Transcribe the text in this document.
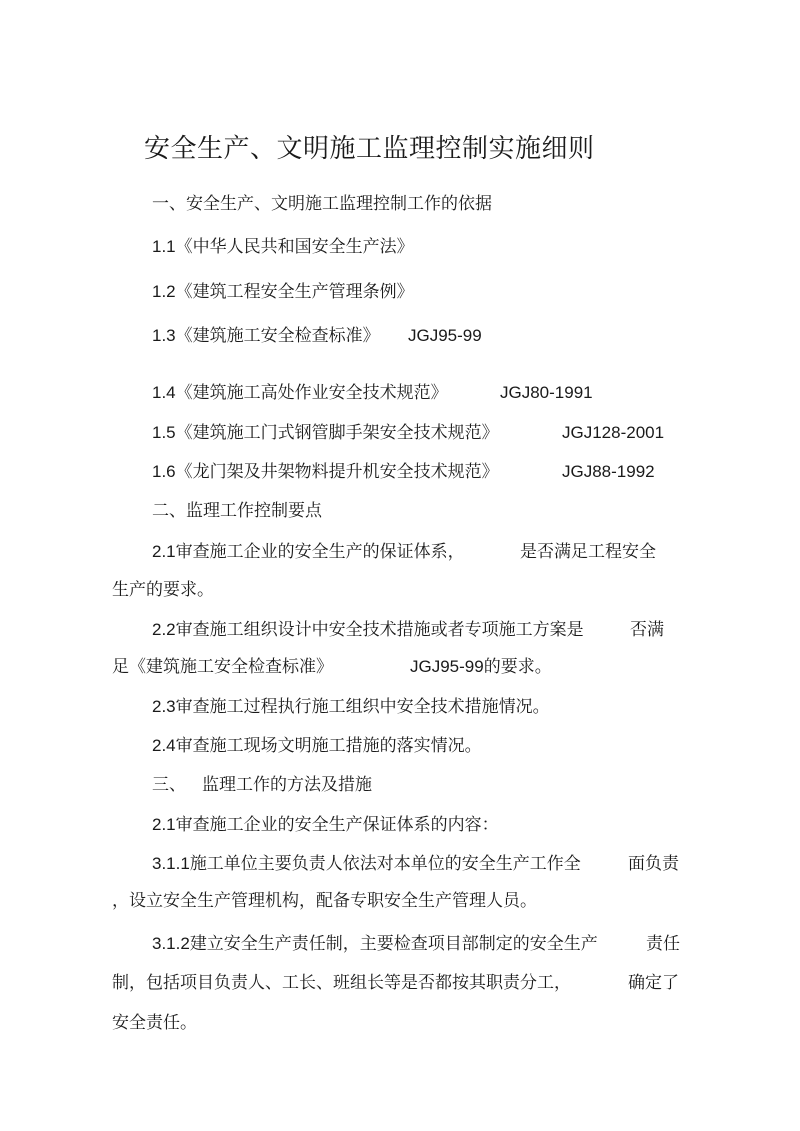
安全生产、文明施工监理控制实施细则
一、安全生产、文明施工监理控制工作的依据
1.1《中华人民共和国安全生产法》
1.2《建筑工程安全生产管理条例》
1.3《建筑施工安全检查标准》 JGJ95-99
1.4《建筑施工高处作业安全技术规范》	JGJ80-1991
1.5《建筑施工门式钢管脚手架安全技术规范》	JGJ128-2001
1.6《龙门架及井架物料提升机安全技术规范》	JGJ88-1992
二、监理工作控制要点
2.1审查施工企业的安全生产的保证体系，	是否满足工程安全
生产的要求。
2.2审查施工组织设计中安全技术措施或者专项施工方案是	否满
足《建筑施工安全检查标准》	JGJ95-99的要求。
2.3审查施工过程执行施工组织中安全技术措施情况。
2.4审查施工现场文明施工措施的落实情况。
三、 监理工作的方法及措施
2.1审查施工企业的安全生产保证体系的内容：
3.1.1施工单位主要负责人依法对本单位的安全生产工作全	面负责
，设立安全生产管理机构，配备专职安全生产管理人员。
3.1.2建立安全生产责任制，主要检查项目部制定的安全生产	责任
制，包括项目负责人、工长、班组长等是否都按其职责分工，	确定了
安全责任。
